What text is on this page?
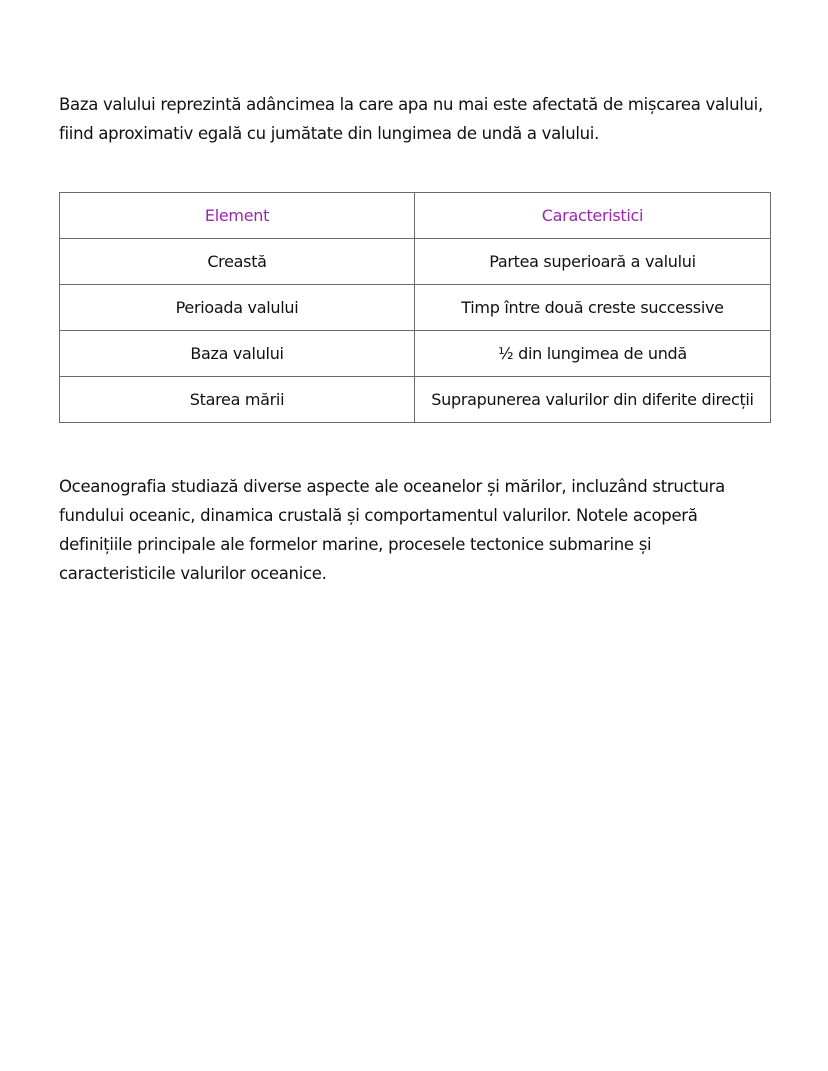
Baza valului reprezintă adâncimea la care apa nu mai este afectată de mișcarea valului, fiind aproximativ egală cu jumătate din lungimea de undă a valului.

Element	Caracteristici
Creastă	Partea superioară a valului
Perioada valului	Timp între două creste successive
Baza valului	½ din lungimea de undă
Starea mării	Suprapunerea valurilor din diferite direcții

Oceanografia studiază diverse aspecte ale oceanelor și mărilor, incluzând structura fundului oceanic, dinamica crustală și comportamentul valurilor. Notele acoperă definițiile principale ale formelor marine, procesele tectonice submarine și caracteristicile valurilor oceanice.
